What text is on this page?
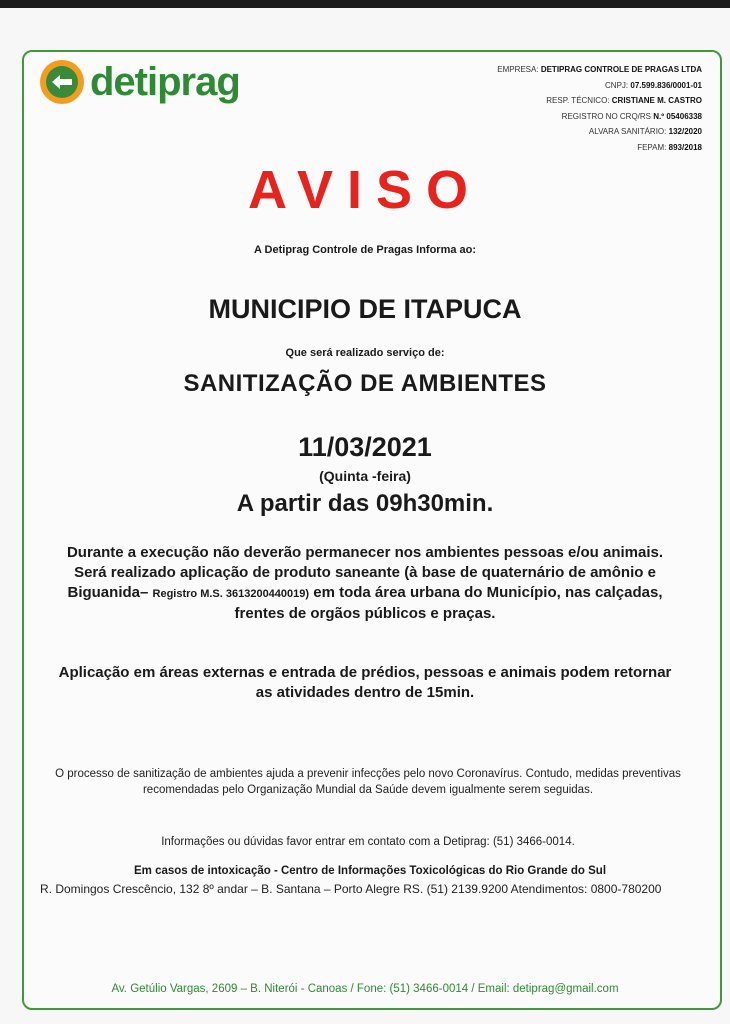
detiprag	EMPRESA: DETIPRAG CONTROLE DE PRAGAS LTDA
CNPJ: 07.599.836/0001-01
RESP. TÉCNICO: CRISTIANE M. CASTRO
REGISTRO NO CRQ/RS N.º 05406338
ALVARA SANITÁRIO: 132/2020
FEPAM: 893/2018
AVISO
A Detiprag Controle de Pragas Informa ao:
MUNICIPIO DE ITAPUCA
Que será realizado serviço de:
SANITIZAÇÃO DE AMBIENTES
11/03/2021
(Quinta -feira)
A partir das 09h30min.
Durante a execução não deverão permanecer nos ambientes pessoas e/ou animais.
Será realizado aplicação de produto saneante (à base de quaternário de amônio e Biguanida– Registro M.S. 3613200440019) em toda área urbana do Município, nas calçadas, frentes de orgãos públicos e praças.
Aplicação em áreas externas e entrada de prédios, pessoas e animais podem retornar as atividades dentro de 15min.
O processo de sanitização de ambientes ajuda a prevenir infecções pelo novo Coronavírus. Contudo, medidas preventivas recomendadas pelo Organização Mundial da Saúde devem igualmente serem seguidas.
Informações ou dúvidas favor entrar em contato com a Detiprag: (51) 3466-0014.
Em casos de intoxicação - Centro de Informações Toxicológicas do Rio Grande do Sul
R. Domingos Crescêncio, 132 8º andar – B. Santana – Porto Alegre RS. (51) 2139.9200 Atendimentos: 0800-780200
Av. Getúlio Vargas, 2609 – B. Niterói - Canoas / Fone: (51) 3466-0014 / Email: detiprag@gmail.com
